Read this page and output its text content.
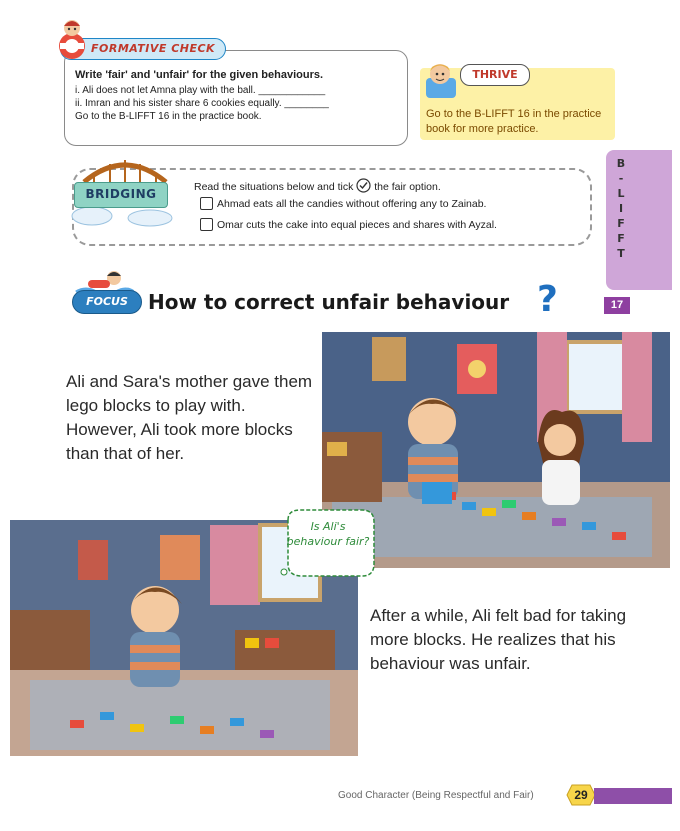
Write 'fair' and 'unfair' for the given behaviours.
i. Ali does not let Amna play with the ball. ____________
ii. Imran and his sister share 6 cookies equally. ________
Go to the B-LIFFT 16 in the practice book.
FORMATIVE CHECK
THRIVE
Go to the B-LIFFT 16 in the practice book for more practice.
BRIDGING	Read the situations below and tick the fair option.
Ahmad eats all the candies without offering any to Zainab.
Omar cuts the cake into equal pieces and shares with Ayzal.
B
-
L
I
F
F
T
17
FOCUS	How to correct unfair behaviour ?
Ali and Sara's mother gave them lego blocks to play with. However, Ali took more blocks than that of her.
Is Ali's behaviour fair?
After a while, Ali felt bad for taking more blocks. He realizes that his behaviour was unfair.
Good Character (Being Respectful and Fair)	29
